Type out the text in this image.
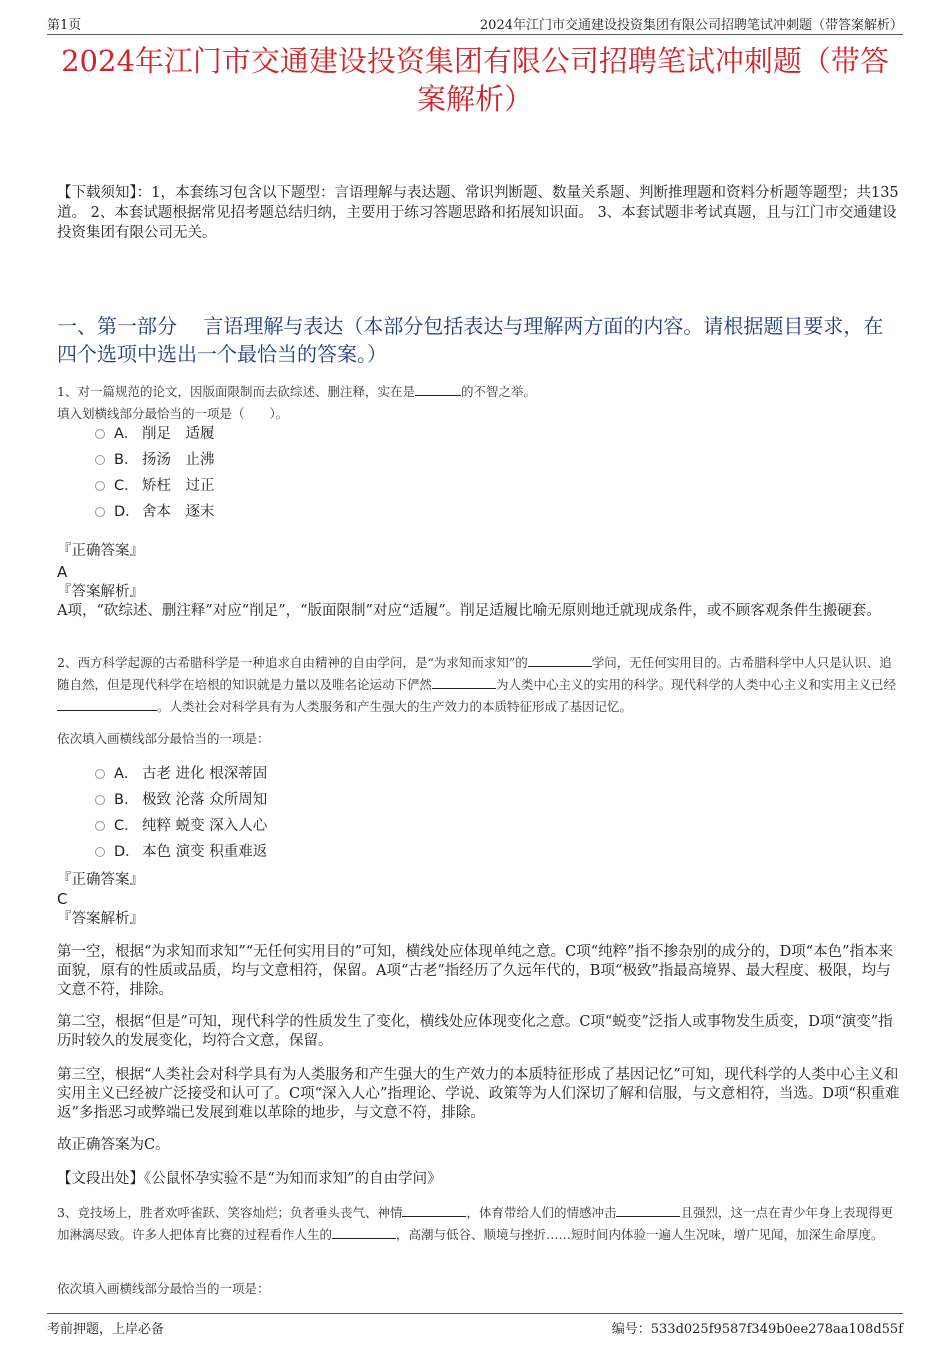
第1页	2024年江门市交通建设投资集团有限公司招聘笔试冲刺题（带答案解析）
2024年江门市交通建设投资集团有限公司招聘笔试冲刺题（带答案解析）
【下载须知】：1，本套练习包含以下题型：言语理解与表达题、常识判断题、数量关系题、判断推理题和资料分析题等题型；共135道。 2、本套试题根据常见招考题总结归纳，主要用于练习答题思路和拓展知识面。 3、本套试题非考试真题，且与江门市交通建设投资集团有限公司无关。
一、第一部分　 言语理解与表达（本部分包括表达与理解两方面的内容。请根据题目要求，在四个选项中选出一个最恰当的答案。）
1、对一篇规范的论文，因版面限制而去砍综述、删注释，实在是	的不智之举。
填入划横线部分最恰当的一项是（　　）。
A． 削足　适履
B． 扬汤　止沸
C． 矫枉　过正
D． 舍本　逐末
『正确答案』
A
『答案解析』
A项，“砍综述、删注释”对应“削足”，“版面限制”对应“适履”。削足适履比喻无原则地迁就现成条件，或不顾客观条件生搬硬套。
2、西方科学起源的古希腊科学是一种追求自由精神的自由学问，是“为求知而求知”的	学问，无任何实用目的。古希腊科学中人只是认识、追随自然，但是现代科学在培根的知识就是力量以及唯名论运动下俨然	为人类中心主义的实用的科学。现代科学的人类中心主义和实用主义已经。人类社会对科学具有为人类服务和产生强大的生产效力的本质特征形成了基因记忆。
依次填入画横线部分最恰当的一项是：
A． 古老 进化 根深蒂固
B． 极致 沦落 众所周知
C． 纯粹 蜕变 深入人心
D． 本色 演变 积重难返
『正确答案』
C
『答案解析』
第一空，根据“为求知而求知”“无任何实用目的”可知，横线处应体现单纯之意。C项“纯粹”指不掺杂别的成分的，D项“本色”指本来面貌，原有的性质或品质，均与文意相符，保留。A项“古老”指经历了久远年代的，B项“极致”指最高境界、最大程度、极限，均与文意不符，排除。
第二空，根据“但是”可知，现代科学的性质发生了变化，横线处应体现变化之意。C项“蜕变”泛指人或事物发生质变，D项“演变”指历时较久的发展变化，均符合文意，保留。
第三空，根据“人类社会对科学具有为人类服务和产生强大的生产效力的本质特征形成了基因记忆”可知，现代科学的人类中心主义和实用主义已经被广泛接受和认可了。C项“深入人心”指理论、学说、政策等为人们深切了解和信服，与文意相符，当选。D项“积重难返”多指恶习或弊端已发展到难以革除的地步，与文意不符，排除。
故正确答案为C。
【文段出处】《公鼠怀孕实验不是“为知而求知”的自由学问》
3、竞技场上，胜者欢呼雀跃、笑容灿烂；负者垂头丧气、神情	，体育带给人们的情感冲击	且强烈，这一点在青少年身上表现得更加淋漓尽致。许多人把体育比赛的过程看作人生的	，高潮与低谷、顺境与挫折……短时间内体验一遍人生况味，增广见闻，加深生命厚度。
依次填入画横线部分最恰当的一项是：
考前押题，上岸必备	编号：533d025f9587f349b0ee278aa108d55f
